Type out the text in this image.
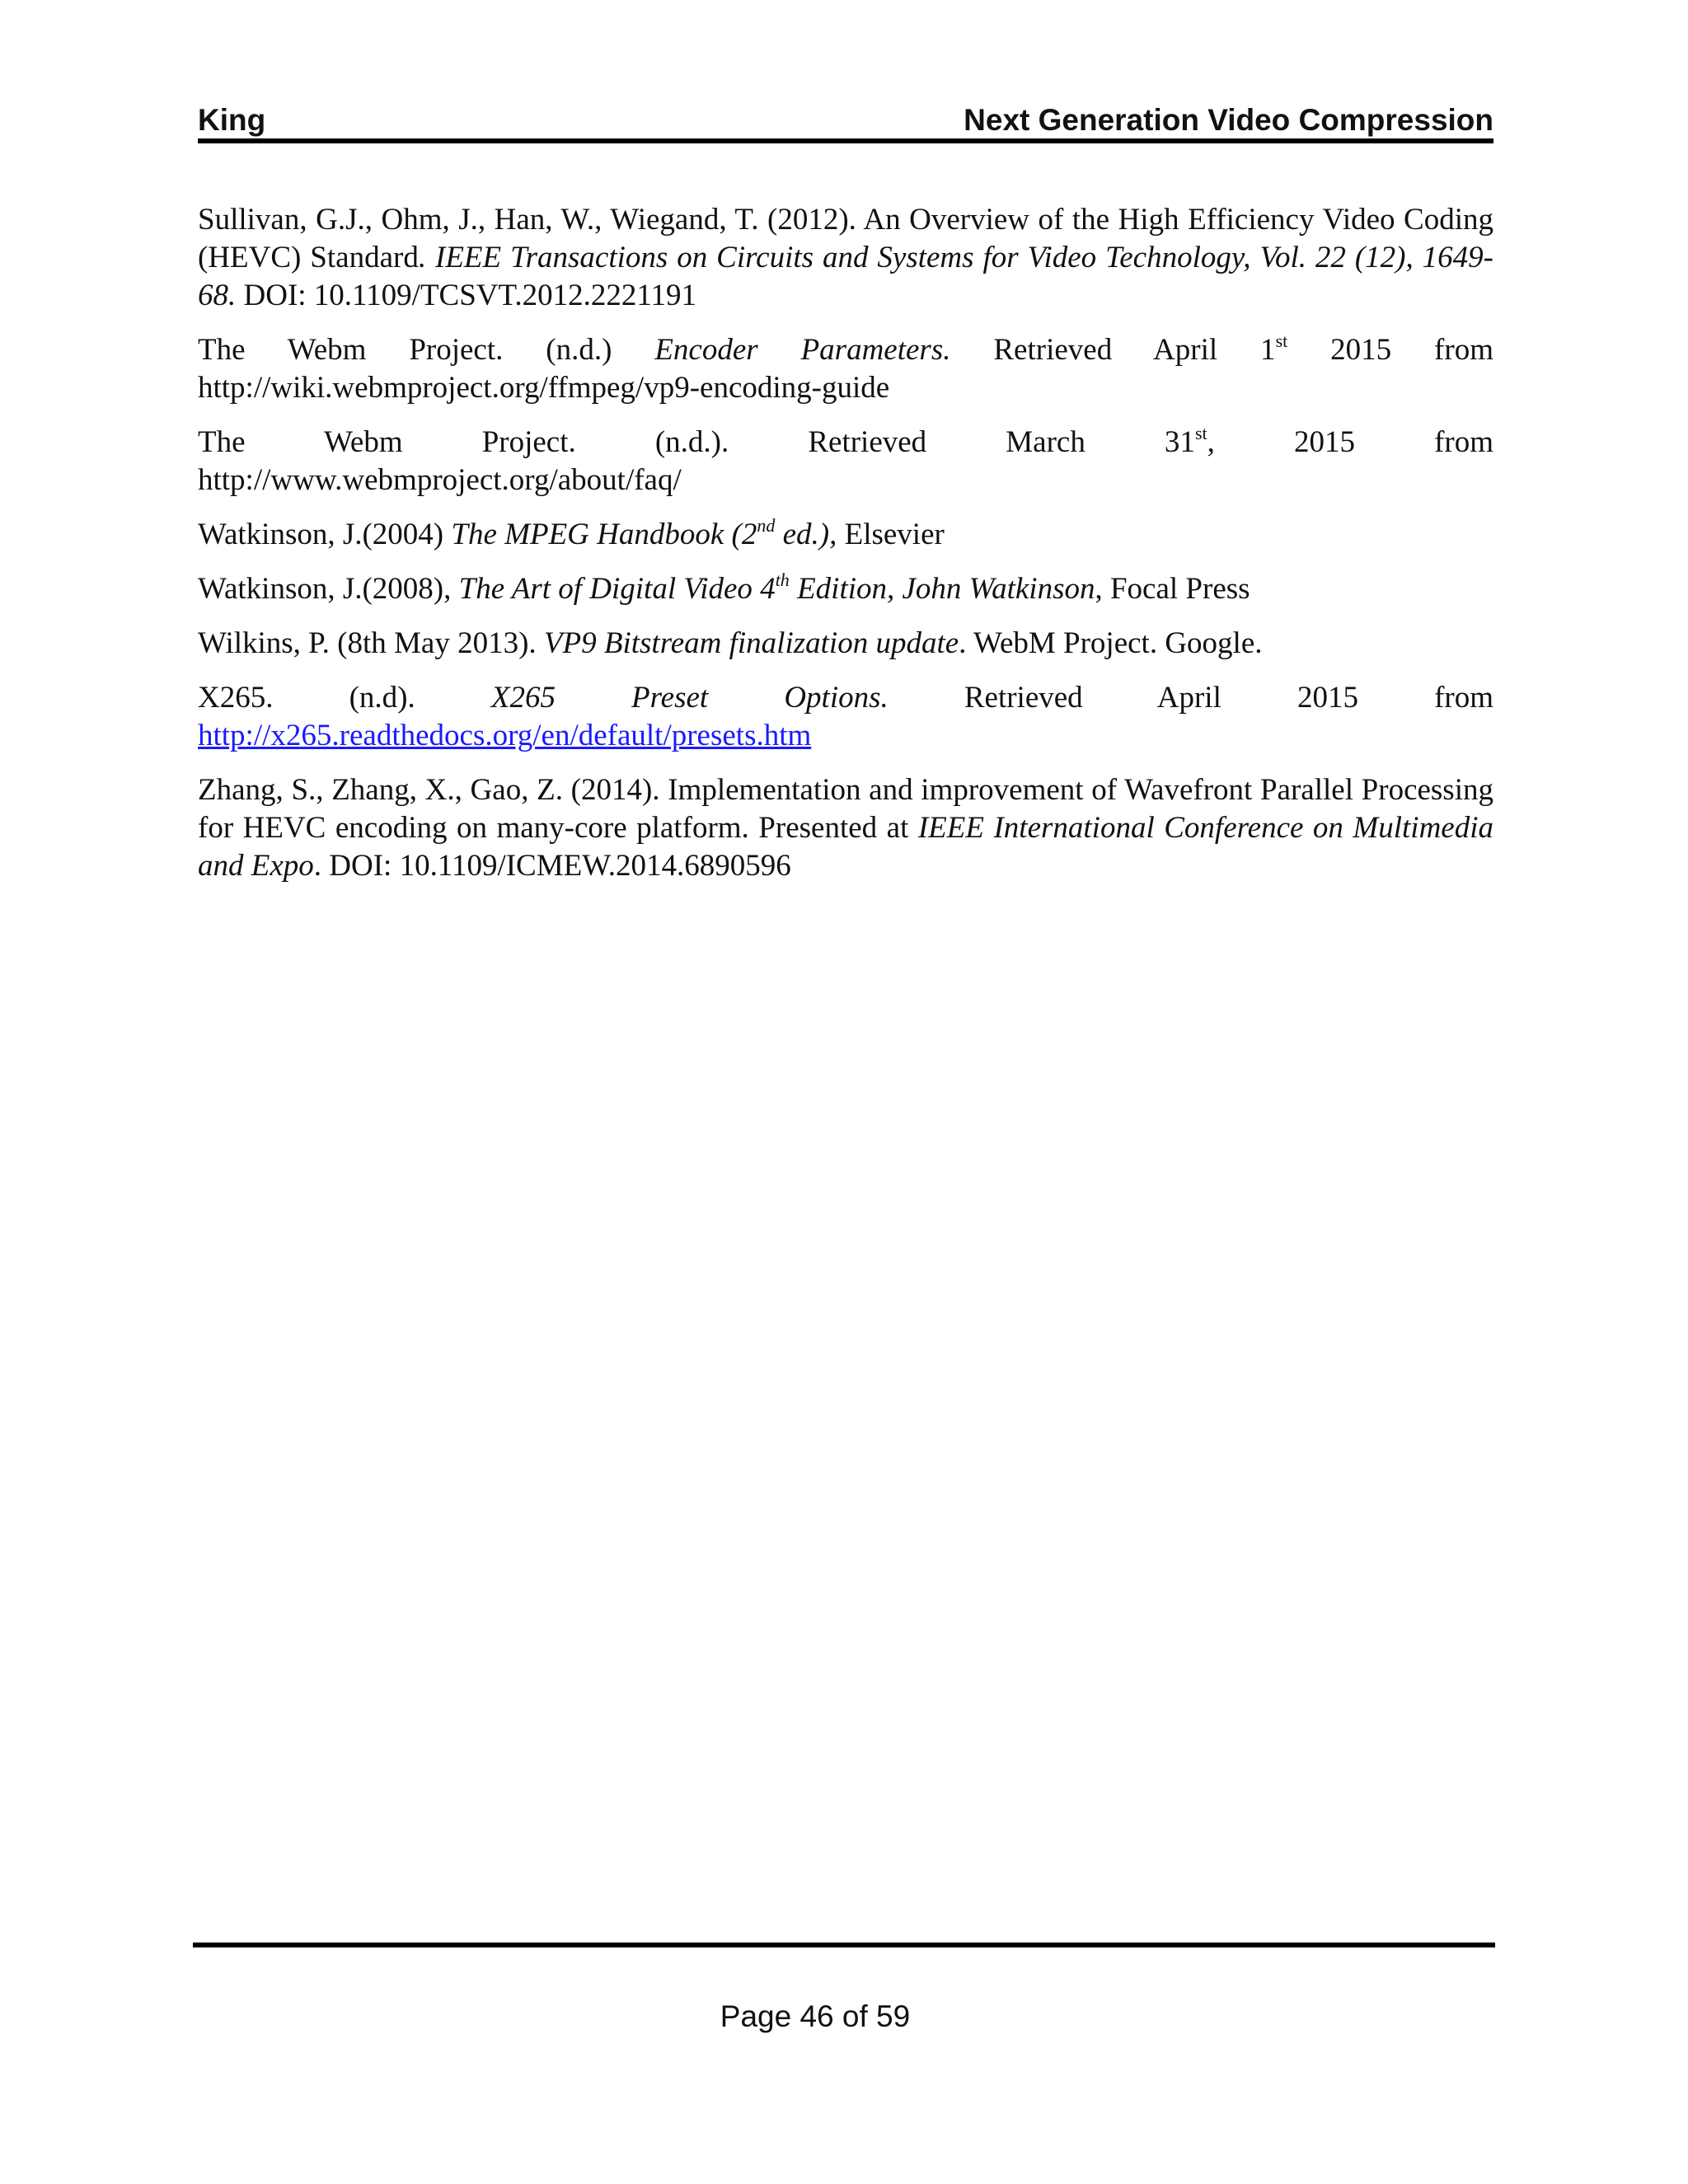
King	Next Generation Video Compression

Sullivan, G.J., Ohm, J., Han, W., Wiegand, T. (2012). An Overview of the High Efficiency Video Coding (HEVC) Standard. IEEE Transactions on Circuits and Systems for Video Technology, Vol. 22 (12), 1649-68. DOI: 10.1109/TCSVT.2012.2221191

The Webm Project. (n.d.) Encoder Parameters. Retrieved April 1st 2015 from
http://wiki.webmproject.org/ffmpeg/vp9-encoding-guide

The Webm Project. (n.d.). Retrieved March 31st, 2015 from
http://www.webmproject.org/about/faq/

Watkinson, J.(2004) The MPEG Handbook (2nd ed.), Elsevier

Watkinson, J.(2008), The Art of Digital Video 4th Edition, John Watkinson, Focal Press

Wilkins, P. (8th May 2013). VP9 Bitstream finalization update. WebM Project. Google.

X265. (n.d). X265 Preset Options. Retrieved April 2015 from
http://x265.readthedocs.org/en/default/presets.htm

Zhang, S., Zhang, X., Gao, Z. (2014). Implementation and improvement of Wavefront Parallel Processing for HEVC encoding on many-core platform. Presented at IEEE International Conference on Multimedia and Expo. DOI: 10.1109/ICMEW.2014.6890596

Page 46 of 59
